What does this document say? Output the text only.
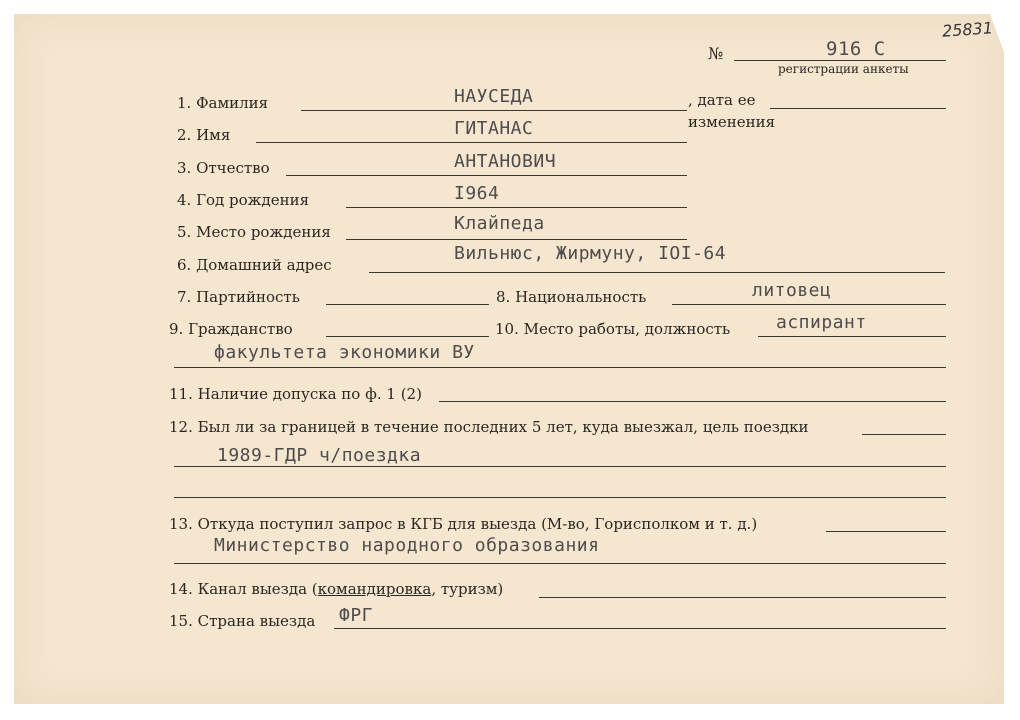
№	916 С
регистрации анкеты
25831
1. Фамилия	НАУСЕДА	, дата ее
изменения
2. Имя	ГИТАНАС
3. Отчество	АНТАНОВИЧ
4. Год рождения	I964
5. Место рождения	Клайпеда
6. Домашний адрес
Вильнюс, Жирмуну, IOI-64
7. Партийность	8. Национальность	литовец
9. Гражданство	10. Место работы, должность	аспирант
факультета экономики ВУ
11. Наличие допуска по ф. 1 (2)
12. Был ли за границей в течение последних 5 лет, куда выезжал, цель поездки
1989-ГДР ч/поездка
13. Откуда поступил запрос в КГБ для выезда (М-во, Горисполком и т. д.)
Министерство народного образования
14. Канал выезда (командировка, туризм)
15. Страна выезда ФРГ
